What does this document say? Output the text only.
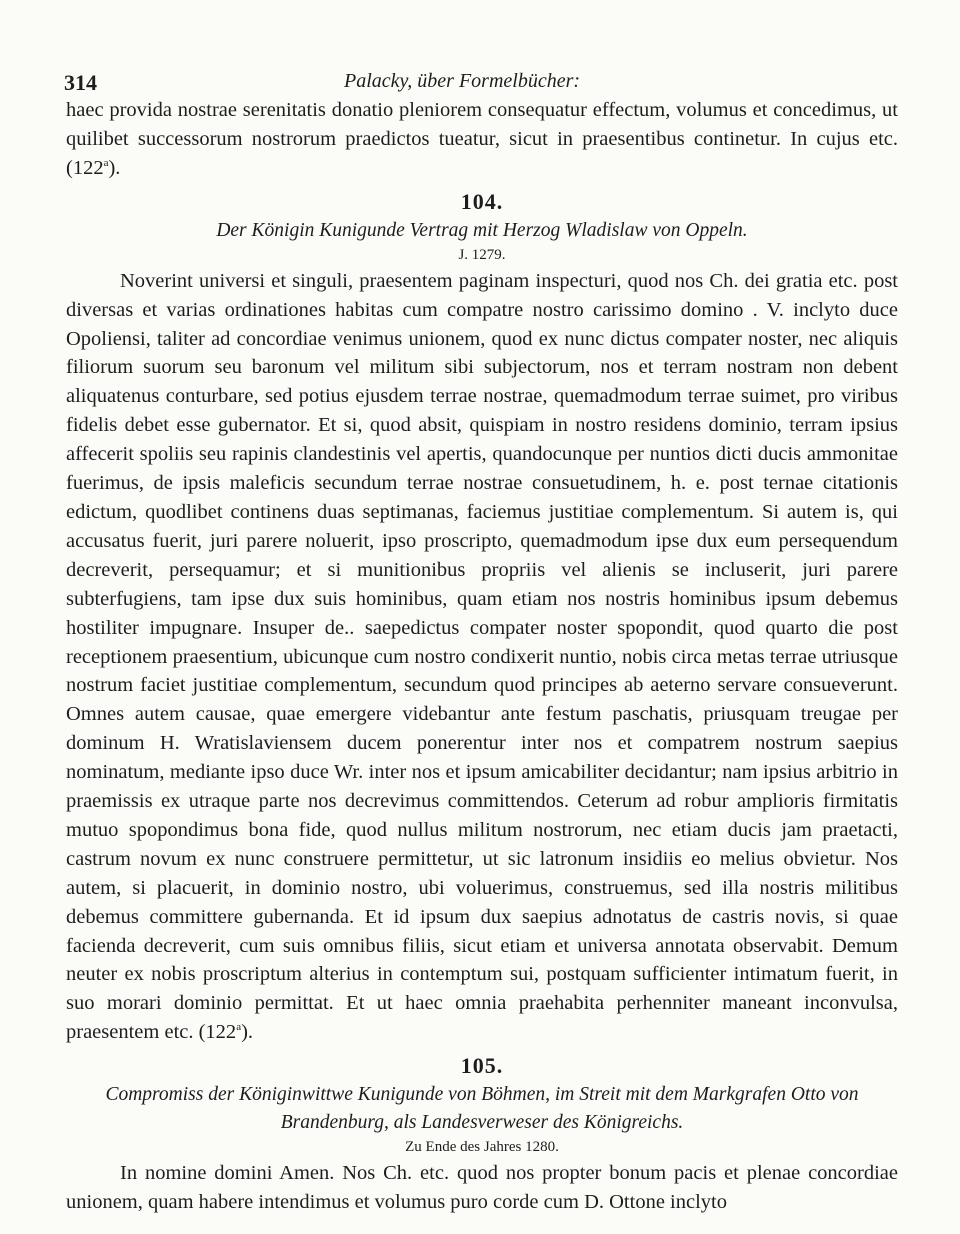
314	Palacky, über Formelbücher:

haec provida nostrae serenitatis donatio pleniorem consequatur effectum, volumus et concedimus, ut quilibet successorum nostrorum praedictos tueatur, sicut in praesentibus continetur. In cujus etc. (122$^a$).

104.
Der Königin Kunigunde Vertrag mit Herzog Wladislaw von Oppeln.
J. 1279.

Noverint universi et singuli, praesentem paginam inspecturi, quod nos Ch. dei gratia etc. post diversas et varias ordinationes habitas cum compatre nostro carissimo domino . V. inclyto duce Opoliensi, taliter ad concordiae venimus unionem, quod ex nunc dictus compater noster, nec aliquis filiorum suorum seu baronum vel militum sibi subjectorum, nos et terram nostram non debent aliquatenus conturbare, sed potius ejusdem terrae nostrae, quemadmodum terrae suimet, pro viribus fidelis debet esse gubernator. Et si, quod absit, quispiam in nostro residens dominio, terram ipsius affecerit spoliis seu rapinis clandestinis vel apertis, quandocunque per nuntios dicti ducis ammonitae fuerimus, de ipsis maleficis secundum terrae nostrae consuetudinem, h. e. post ternae citationis edictum, quodlibet continens duas septimanas, faciemus justitiae complementum. Si autem is, qui accusatus fuerit, juri parere noluerit, ipso proscripto, quemadmodum ipse dux eum persequendum decreverit, persequamur; et si munitionibus propriis vel alienis se incluserit, juri parere subterfugiens, tam ipse dux suis hominibus, quam etiam nos nostris hominibus ipsum debemus hostiliter impugnare. Insuper de.. saepedictus compater noster spopondit, quod quarto die post receptionem praesentium, ubicunque cum nostro condixerit nuntio, nobis circa metas terrae utriusque nostrum faciet justitiae complementum, secundum quod principes ab aeterno servare consueverunt. Omnes autem causae, quae emergere videbantur ante festum paschatis, priusquam treugae per dominum H. Wratislaviensem ducem ponerentur inter nos et compatrem nostrum saepius nominatum, mediante ipso duce Wr. inter nos et ipsum amicabiliter decidantur; nam ipsius arbitrio in praemissis ex utraque parte nos decrevimus committendos. Ceterum ad robur amplioris firmitatis mutuo spopondimus bona fide, quod nullus militum nostrorum, nec etiam ducis jam praetacti, castrum novum ex nunc construere permittetur, ut sic latronum insidiis eo melius obvietur. Nos autem, si placuerit, in dominio nostro, ubi voluerimus, construemus, sed illa nostris militibus debemus committere gubernanda. Et id ipsum dux saepius adnotatus de castris novis, si quae facienda decreverit, cum suis omnibus filiis, sicut etiam et universa annotata observabit. Demum neuter ex nobis proscriptum alterius in contemptum sui, postquam sufficienter intimatum fuerit, in suo morari dominio permittat. Et ut haec omnia praehabita perhenniter maneant inconvulsa, praesentem etc. (122$^a$).

105.
Compromiss der Königinwittwe Kunigunde von Böhmen, im Streit mit dem Markgrafen Otto von Brandenburg, als Landesverweser des Königreichs.
Zu Ende des Jahres 1280.

In nomine domini Amen. Nos Ch. etc. quod nos propter bonum pacis et plenae concordiae unionem, quam habere intendimus et volumus puro corde cum D. Ottone inclyto
